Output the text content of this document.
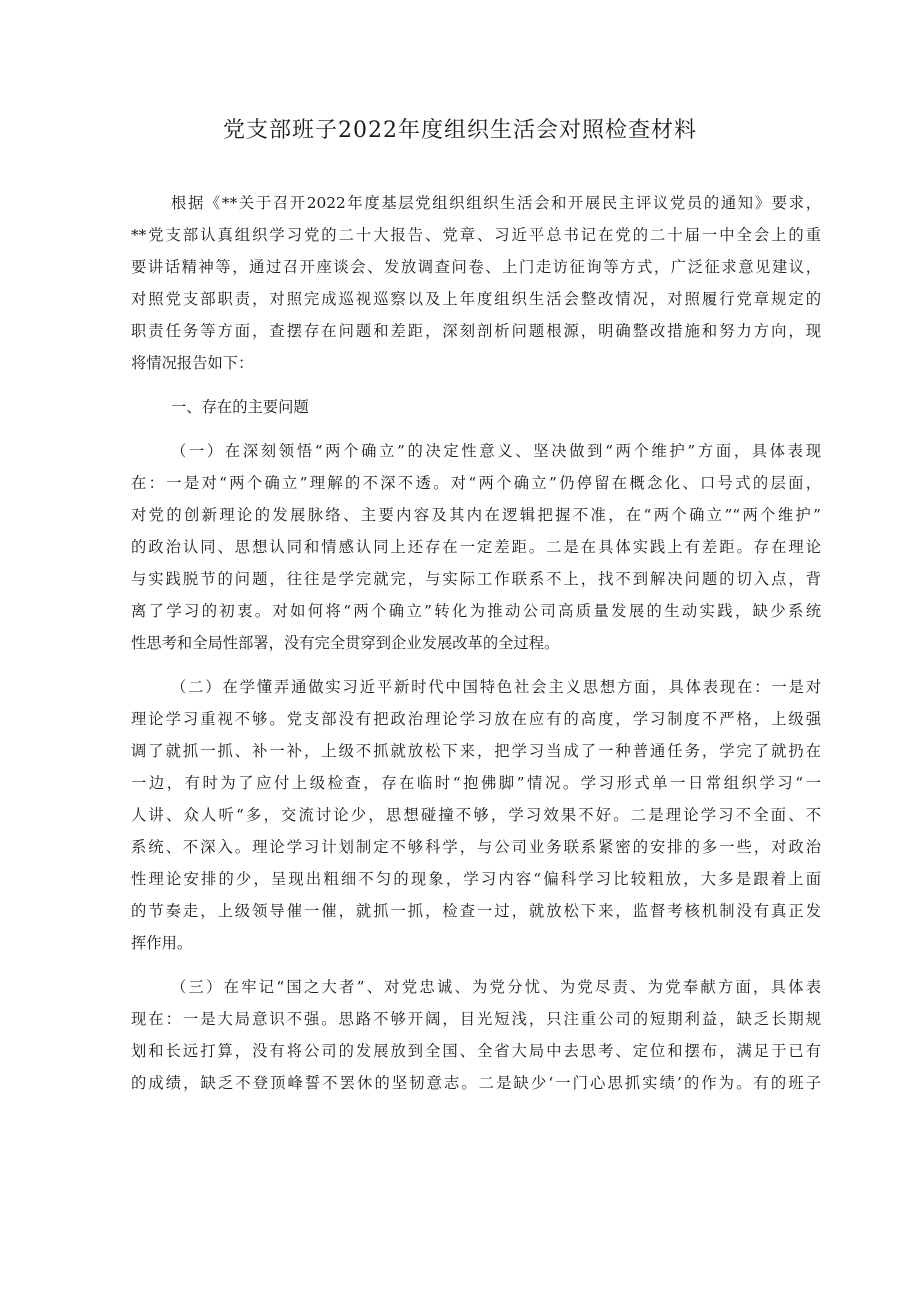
党支部班子2022年度组织生活会对照检查材料
根据《**关于召开2022年度基层党组织组织生活会和开展民主评议党员的通知》要求，
**党支部认真组织学习党的二十大报告、党章、习近平总书记在党的二十届一中全会上的重
要讲话精神等，通过召开座谈会、发放调查问卷、上门走访征询等方式，广泛征求意见建议，
对照党支部职责，对照完成巡视巡察以及上年度组织生活会整改情况，对照履行党章规定的
职责任务等方面，查摆存在问题和差距，深刻剖析问题根源，明确整改措施和努力方向，现
将情况报告如下：
一、存在的主要问题
（一）在深刻领悟“两个确立”的决定性意义、坚决做到“两个维护”方面，具体表现
在：一是对“两个确立”理解的不深不透。对“两个确立”仍停留在概念化、口号式的层面，
对党的创新理论的发展脉络、主要内容及其内在逻辑把握不准，在“两个确立”“两个维护”
的政治认同、思想认同和情感认同上还存在一定差距。二是在具体实践上有差距。存在理论
与实践脱节的问题，往往是学完就完，与实际工作联系不上，找不到解决问题的切入点，背
离了学习的初衷。对如何将“两个确立”转化为推动公司高质量发展的生动实践，缺少系统
性思考和全局性部署，没有完全贯穿到企业发展改革的全过程。
（二）在学懂弄通做实习近平新时代中国特色社会主义思想方面，具体表现在：一是对
理论学习重视不够。党支部没有把政治理论学习放在应有的高度，学习制度不严格，上级强
调了就抓一抓、补一补，上级不抓就放松下来，把学习当成了一种普通任务，学完了就扔在
一边，有时为了应付上级检查，存在临时“抱佛脚”情况。学习形式单一日常组织学习“一
人讲、众人听“多，交流讨论少，思想碰撞不够，学习效果不好。二是理论学习不全面、不
系统、不深入。理论学习计划制定不够科学，与公司业务联系紧密的安排的多一些，对政治
性理论安排的少，呈现出粗细不匀的现象，学习内容“偏科学习比较粗放，大多是跟着上面
的节奏走，上级领导催一催，就抓一抓，检查一过，就放松下来，监督考核机制没有真正发
挥作用。
（三）在牢记“国之大者”、对党忠诚、为党分忧、为党尽责、为党奉献方面，具体表
现在：一是大局意识不强。思路不够开阔，目光短浅，只注重公司的短期利益，缺乏长期规
划和长远打算，没有将公司的发展放到全国、全省大局中去思考、定位和摆布，满足于已有
的成绩，缺乏不登顶峰誓不罢休的坚韧意志。二是缺少‘一门心思抓实绩’的作为。有的班子
